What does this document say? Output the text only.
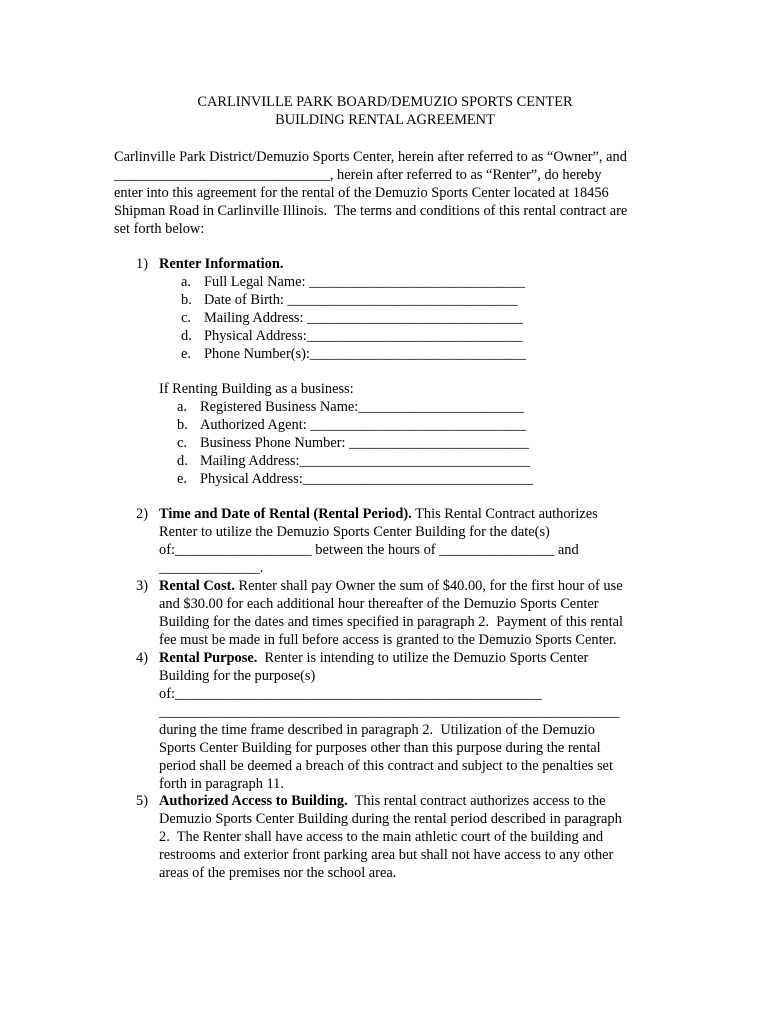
CARLINVILLE PARK BOARD/DEMUZIO SPORTS CENTER
BUILDING RENTAL AGREEMENT
Carlinville Park District/Demuzio Sports Center, herein after referred to as “Owner”, and
______________________________, herein after referred to as “Renter”, do hereby
enter into this agreement for the rental of the Demuzio Sports Center located at 18456
Shipman Road in Carlinville Illinois.  The terms and conditions of this rental contract are
set forth below:
1) Renter Information.
a. Full Legal Name: ______________________________
b. Date of Birth: ________________________________
c. Mailing Address: ______________________________
d. Physical Address:______________________________
e. Phone Number(s):______________________________
If Renting Building as a business:
a. Registered Business Name:_______________________
b. Authorized Agent: ______________________________
c. Business Phone Number: _________________________
d. Mailing Address:________________________________
e. Physical Address:________________________________
2) Time and Date of Rental (Rental Period). This Rental Contract authorizes
Renter to utilize the Demuzio Sports Center Building for the date(s)
of:___________________ between the hours of ________________ and
______________.
3) Rental Cost. Renter shall pay Owner the sum of $40.00, for the first hour of use
and $30.00 for each additional hour thereafter of the Demuzio Sports Center
Building for the dates and times specified in paragraph 2.  Payment of this rental
fee must be made in full before access is granted to the Demuzio Sports Center.
4) Rental Purpose.  Renter is intending to utilize the Demuzio Sports Center
Building for the purpose(s)
of:___________________________________________________
________________________________________________________________
during the time frame described in paragraph 2.  Utilization of the Demuzio
Sports Center Building for purposes other than this purpose during the rental
period shall be deemed a breach of this contract and subject to the penalties set
forth in paragraph 11.
5) Authorized Access to Building.  This rental contract authorizes access to the
Demuzio Sports Center Building during the rental period described in paragraph
2.  The Renter shall have access to the main athletic court of the building and
restrooms and exterior front parking area but shall not have access to any other
areas of the premises nor the school area.
